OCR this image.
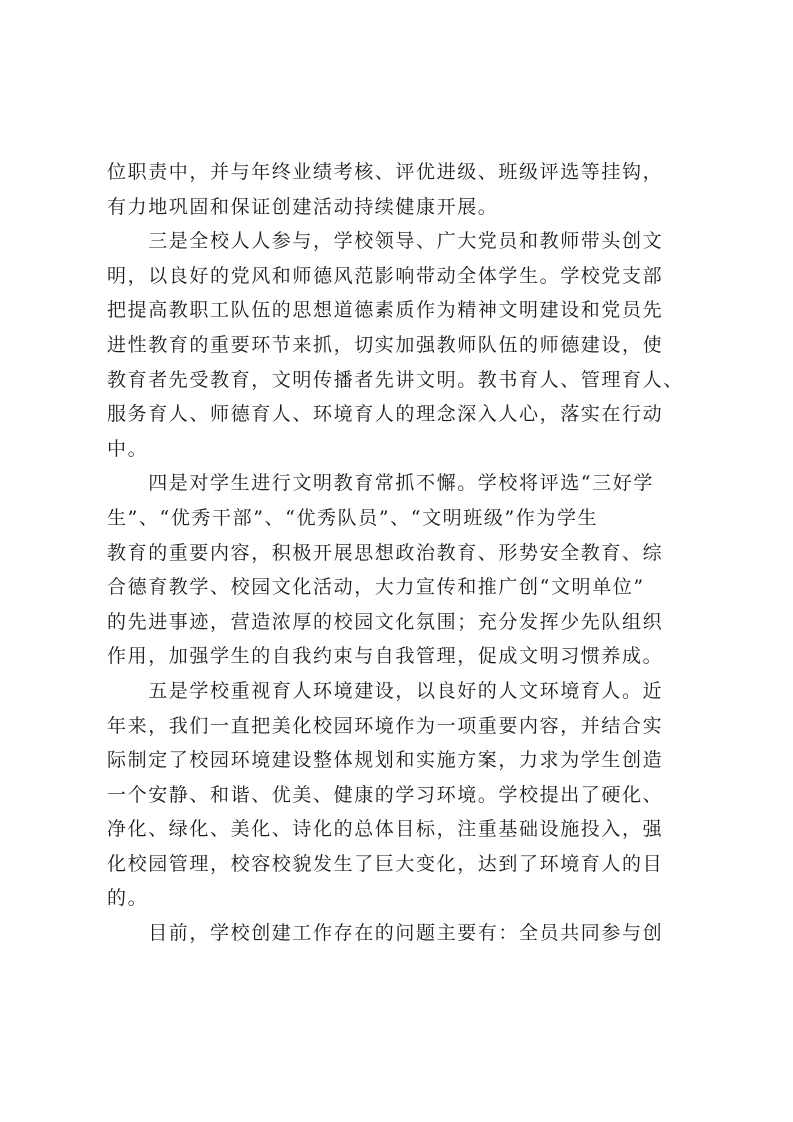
位职责中，并与年终业绩考核、评优进级、班级评选等挂钩，
有力地巩固和保证创建活动持续健康开展。
　　三是全校人人参与，学校领导、广大党员和教师带头创文
明，以良好的党风和师德风范影响带动全体学生。学校党支部
把提高教职工队伍的思想道德素质作为精神文明建设和党员先
进性教育的重要环节来抓，切实加强教师队伍的师德建设，使
教育者先受教育，文明传播者先讲文明。教书育人、管理育人、
服务育人、师德育人、环境育人的理念深入人心，落实在行动
中。
　　四是对学生进行文明教育常抓不懈。学校将评选“三好学
生”、“优秀干部”、“优秀队员”、“文明班级”作为学生
教育的重要内容，积极开展思想政治教育、形势安全教育、综
合德育教学、校园文化活动，大力宣传和推广创“文明单位”
的先进事迹，营造浓厚的校园文化氛围；充分发挥少先队组织
作用，加强学生的自我约束与自我管理，促成文明习惯养成。
　　五是学校重视育人环境建设，以良好的人文环境育人。近
年来，我们一直把美化校园环境作为一项重要内容，并结合实
际制定了校园环境建设整体规划和实施方案，力求为学生创造
一个安静、和谐、优美、健康的学习环境。学校提出了硬化、
净化、绿化、美化、诗化的总体目标，注重基础设施投入，强
化校园管理，校容校貌发生了巨大变化，达到了环境育人的目
的。
　　目前，学校创建工作存在的问题主要有：全员共同参与创
